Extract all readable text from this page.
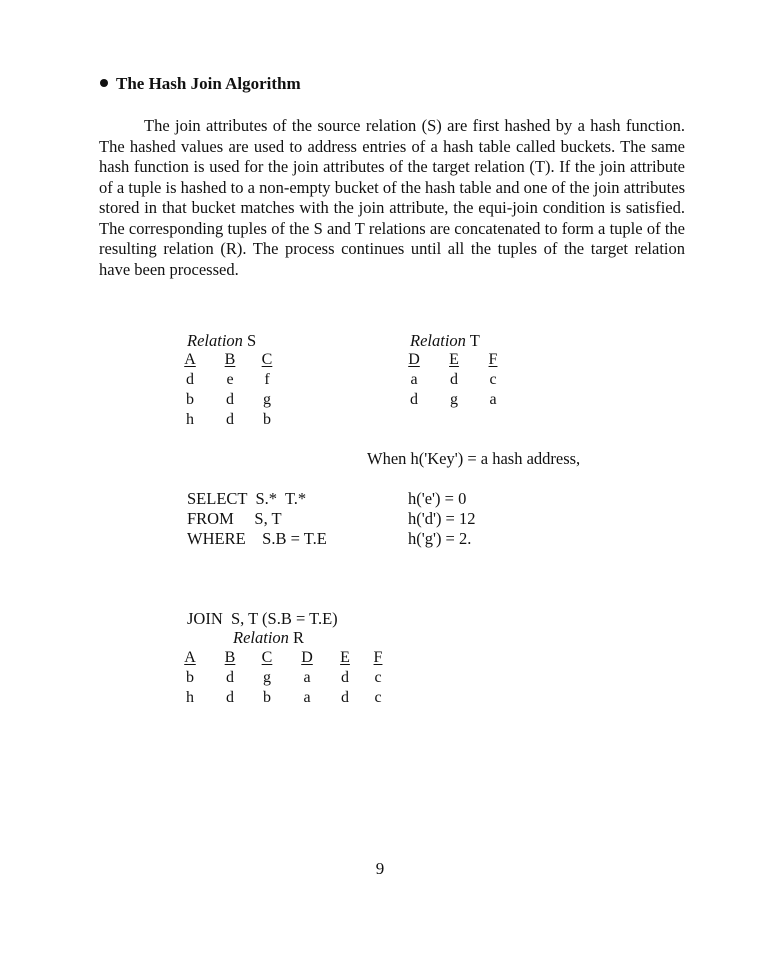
The Hash Join Algorithm

The join attributes of the source relation (S) are first hashed by a hash function. The hashed values are used to address entries of a hash table called buckets. The same hash function is used for the join attributes of the target relation (T). If the join attribute of a tuple is hashed to a non-empty bucket of the hash table and one of the join attributes stored in that bucket matches with the join attribute, the equi-join condition is satisfied. The corresponding tuples of the S and T relations are concatenated to form a tuple of the resulting relation (R). The process continues until all the tuples of the target relation have been processed.

Relation S
A B C
d	e	f
b	d	g
h	d	b
Relation T
D	E	F
a	d	c
d	g	a
When h('Key') = a hash address,
SELECT  S.*  T.*
FROM     S, T
WHERE    S.B = T.E
h('e') = 0
h('d') = 12
h('g') = 2.
JOIN  S, T (S.B = T.E)
Relation R
A B C D	E	F
b	d	g	a	d	c
h	d	b	a	d	c
9
